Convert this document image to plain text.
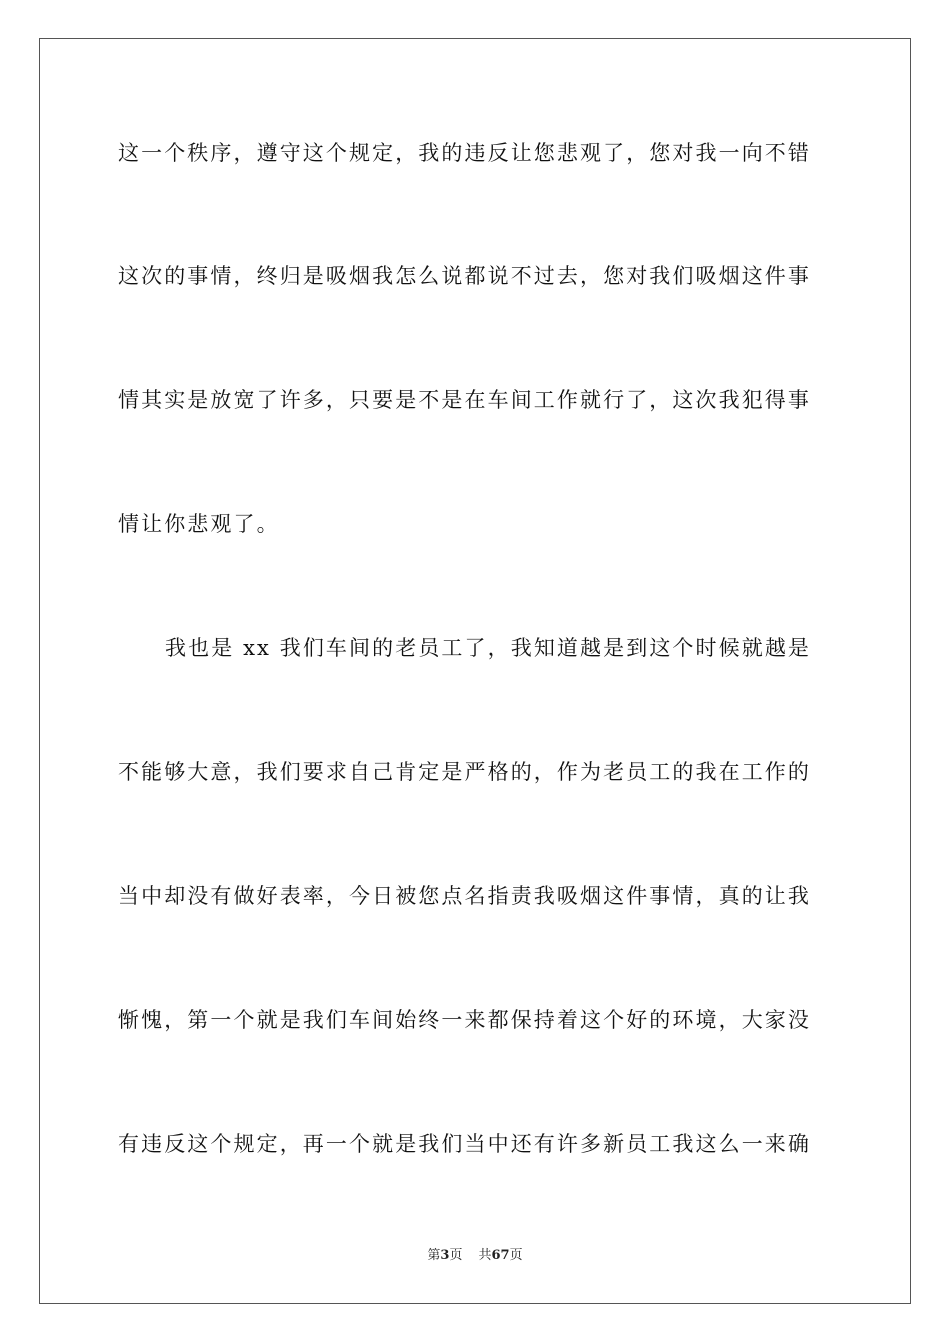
这一个秩序，遵守这个规定，我的违反让您悲观了，您对我一向不错
这次的事情，终归是吸烟我怎么说都说不过去，您对我们吸烟这件事
情其实是放宽了许多，只要是不是在车间工作就行了，这次我犯得事
情让你悲观了。
我也是 xx 我们车间的老员工了，我知道越是到这个时候就越是
不能够大意，我们要求自己肯定是严格的，作为老员工的我在工作的
当中却没有做好表率，今日被您点名指责我吸烟这件事情，真的让我
惭愧，第一个就是我们车间始终一来都保持着这个好的环境，大家没
有违反这个规定，再一个就是我们当中还有许多新员工我这么一来确
第3页 共67页
